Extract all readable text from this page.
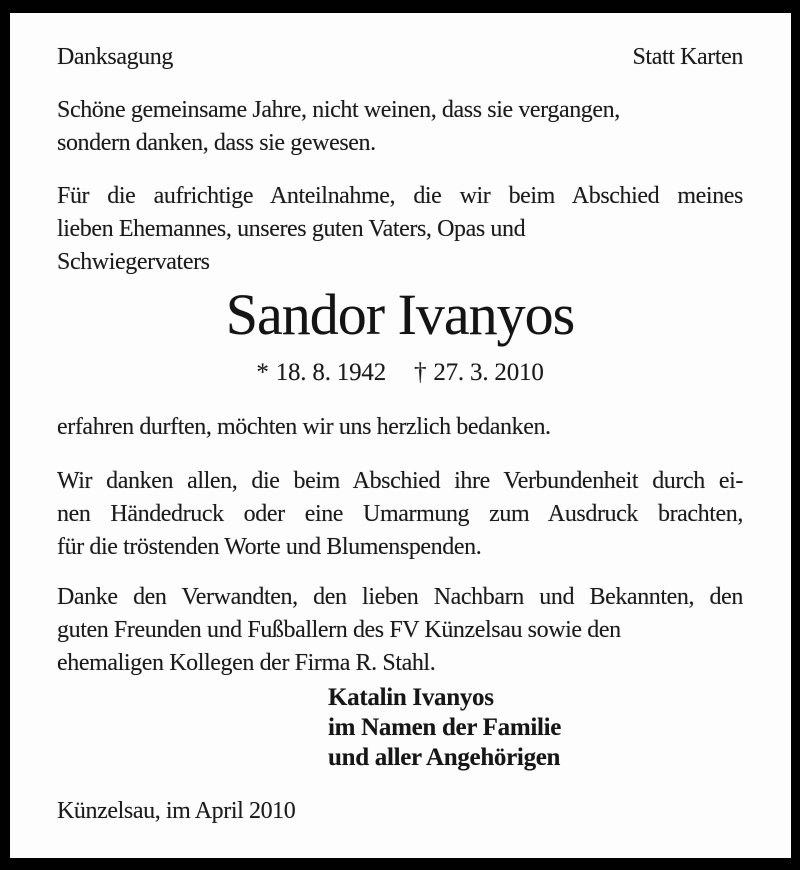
Danksagung	Statt Karten
Schöne gemeinsame Jahre, nicht weinen, dass sie vergangen,
sondern danken, dass sie gewesen.
Für die aufrichtige Anteilnahme, die wir beim Abschied meines
lieben Ehemannes, unseres guten Vaters, Opas und
Schwiegervaters
Sandor Ivanyos
* 18. 8. 1942 † 27. 3. 2010
erfahren durften, möchten wir uns herzlich bedanken.
Wir danken allen, die beim Abschied ihre Verbundenheit durch ei-
nen Händedruck oder eine Umarmung zum Ausdruck brachten,
für die tröstenden Worte und Blumenspenden.
Danke den Verwandten, den lieben Nachbarn und Bekannten, den
guten Freunden und Fußballern des FV Künzelsau sowie den
ehemaligen Kollegen der Firma R. Stahl.
Katalin Ivanyos
im Namen der Familie
und aller Angehörigen
Künzelsau, im April 2010
